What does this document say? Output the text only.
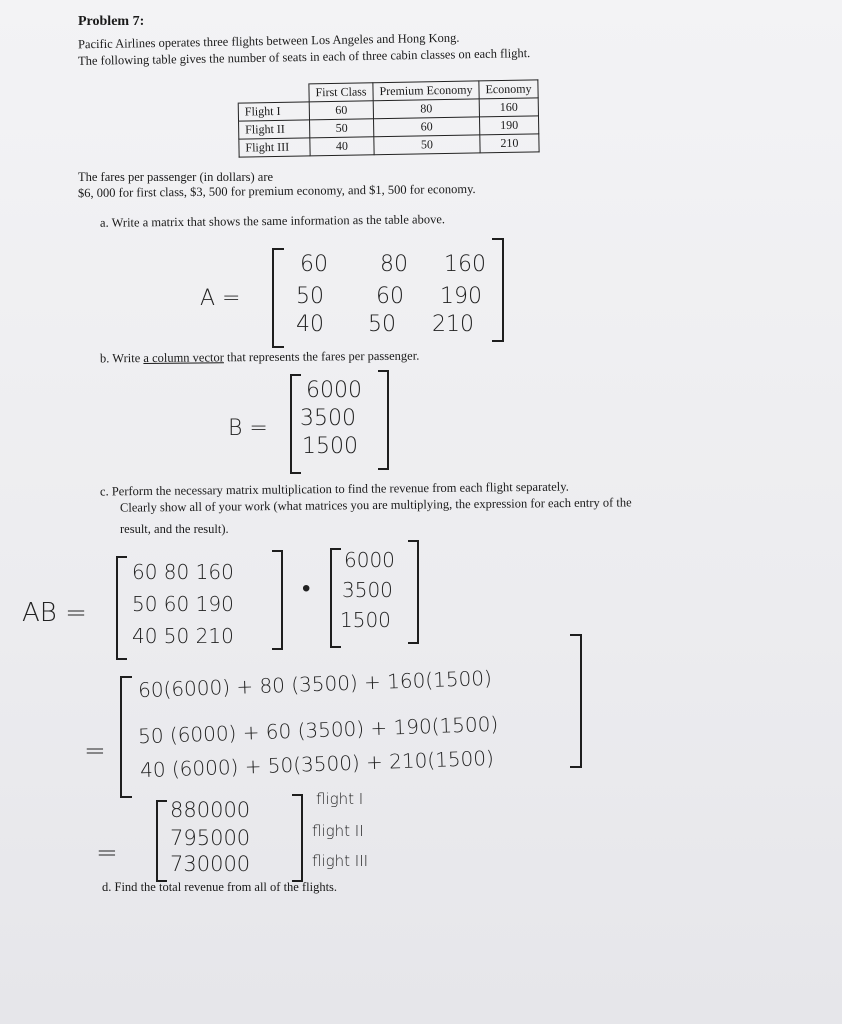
Problem 7:
Pacific Airlines operates three flights between Los Angeles and Hong Kong.
The following table gives the number of seats in each of three cabin classes on each flight.
	First Class	Premium Economy	Economy
Flight I	60	80	160
Flight II	50	60	190
Flight III	40	50	210
The fares per passenger (in dollars) are
$6, 000 for first class, $3, 500 for premium economy, and $1, 500 for economy.
a. Write a matrix that shows the same information as the table above.
A =
60 80 160
50 60 190
40 50 210
b. Write a column vector that represents the fares per passenger.
B =
6000
3500
1500
c. Perform the necessary matrix multiplication to find the revenue from each flight separately.
Clearly show all of your work (what matrices you are multiplying, the expression for each entry of the
result, and the result).
AB =
60 80 160
50 60 190
40 50 210
•
6000
3500
1500
=
60(6000) + 80 (3500) + 160(1500)
50 (6000) + 60 (3500) + 190(1500)
40 (6000) + 50(3500) + 210(1500)
=
880000
795000
730000
flight I
flight II
flight III
d. Find the total revenue from all of the flights.
